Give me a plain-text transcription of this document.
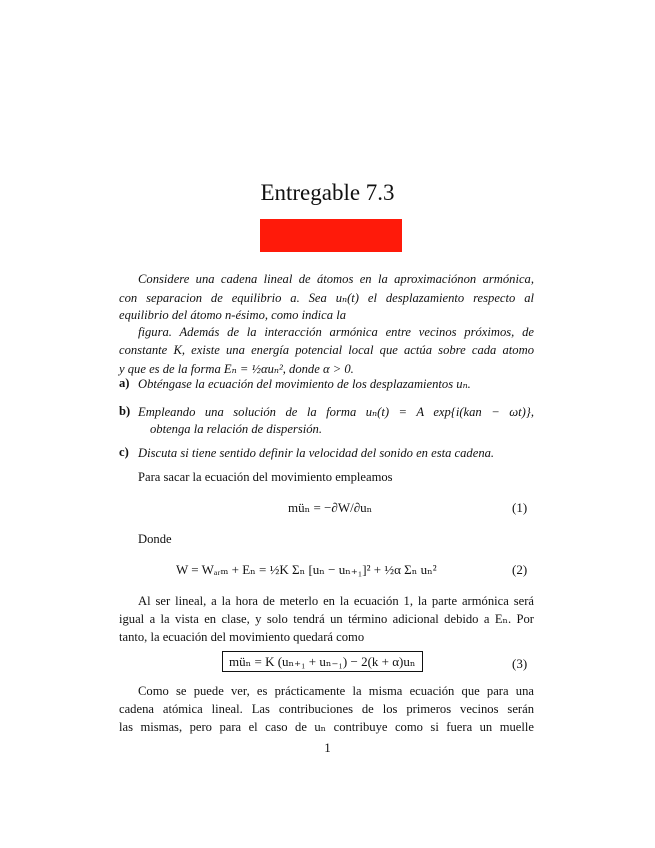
Entregable 7.3
Considere una cadena lineal de átomos en la aproximaciónon armónica,
con separacion de equilibrio a. Sea uₙ(t) el desplazamiento respecto al
equilibrio del átomo n-ésimo, como indica la
figura. Además de la interacción armónica entre vecinos próximos, de
constante K, existe una energía potencial local que actúa sobre cada atomo
y que es de la forma Eₙ = ½αuₙ², donde α > 0.
a) Obténgase la ecuación del movimiento de los desplazamientos uₙ.
b) Empleando una solución de la forma uₙ(t) = A exp{i(kan − ωt)},
obtenga la relación de dispersión.
c) Discuta si tiene sentido definir la velocidad del sonido en esta cadena.
Para sacar la ecuación del movimiento empleamos
müₙ = −∂W/∂uₙ	(1)
Donde
W = Wₐᵣₘ + Eₙ = ½K Σₙ [uₙ − uₙ₊₁]² + ½α Σₙ uₙ²	(2)
Al ser lineal, a la hora de meterlo en la ecuación 1, la parte armónica será
igual a la vista en clase, y solo tendrá un término adicional debido a Eₙ. Por
tanto, la ecuación del movimiento quedará como
müₙ = K (uₙ₊₁ + uₙ₋₁) − 2(k + α)uₙ	(3)
Como se puede ver, es prácticamente la misma ecuación que para una
cadena atómica lineal. Las contribuciones de los primeros vecinos serán
las mismas, pero para el caso de uₙ contribuye como si fuera un muelle
1
